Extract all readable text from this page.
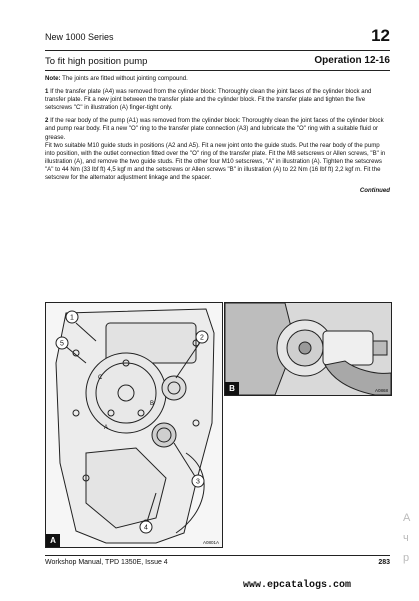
New 1000 Series	12
To fit high position pump	Operation 12-16

Note: The joints are fitted without jointing compound.

1 If the transfer plate (A4) was removed from the cylinder block: Thoroughly clean the joint faces of the cylinder block and transfer plate. Fit a new joint between the transfer plate and the cylinder block. Fit the transfer plate and tighten the five setscrews "C" in illustration (A) finger-tight only.

2 If the rear body of the pump (A1) was removed from the cylinder block: Thoroughly clean the joint faces of the cylinder block and pump rear body. Fit a new "O" ring to the transfer plate connection (A3) and lubricate the "O" ring with a suitable fluid or grease.

Fit two suitable M10 guide studs in positions (A2 and A5). Fit a new joint onto the guide studs. Put the rear body of the pump into position, with the outlet connection fitted over the "O" ring of the transfer plate. Fit the M8 setscrews or Allen screws, "B" in illustration (A), and remove the two guide studs. Fit the other four M10 setscrews, "A" in illustration (A). Tighten the setscrews "A" to 44 Nm (33 lbf ft) 4,5 kgf m and the setscrews or Allen screws "B" in illustration (A) to 22 Nm (16 lbf ft) 2,2 kgf m. Fit the setscrew for the alternator adjustment linkage and the spacer.

Continued
1
2
3
4
5
C
A
B
A	A0801A
B	A0868
Workshop Manual, TPD 1350E, Issue 4	283
www.epcatalogs.com
A
ч
р
